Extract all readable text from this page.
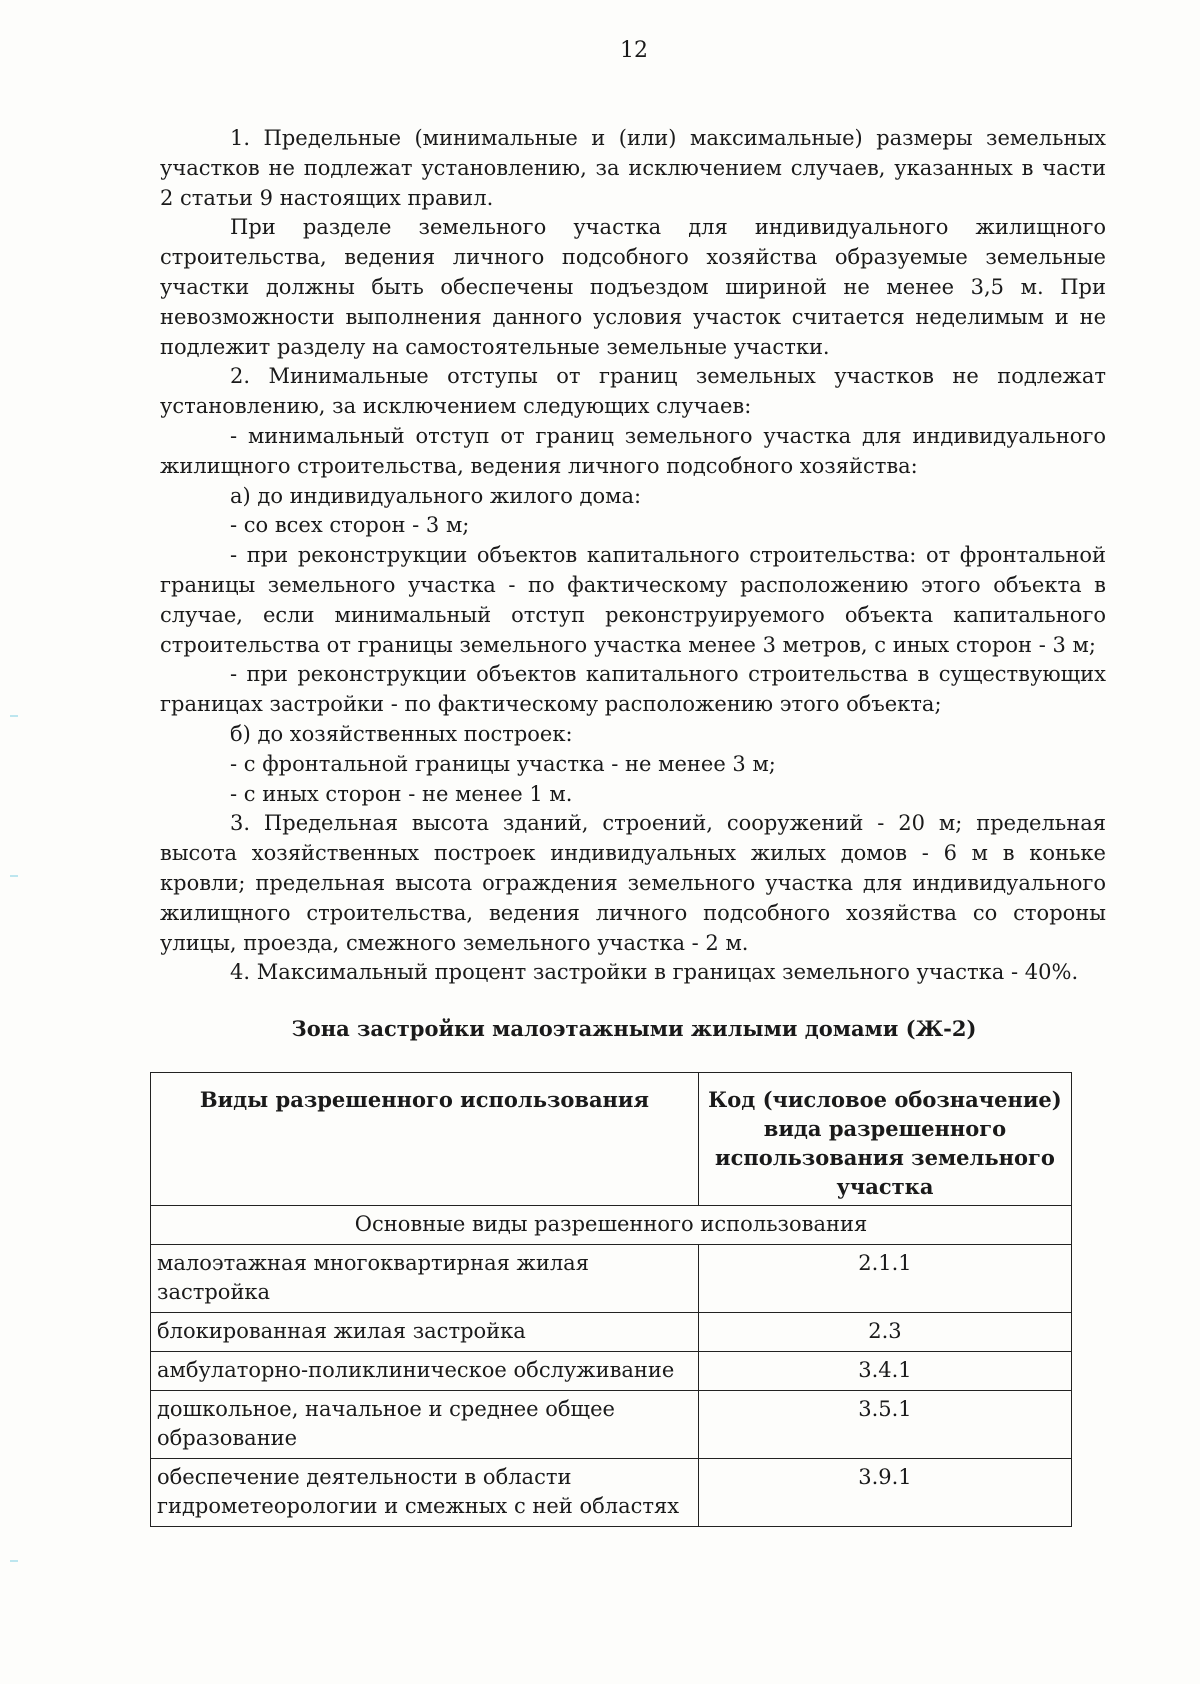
12

1. Предельные (минимальные и (или) максимальные) размеры земельных участков не подлежат установлению, за исключением случаев, указанных в части 2 статьи 9 настоящих правил.

При разделе земельного участка для индивидуального жилищного строительства, ведения личного подсобного хозяйства образуемые земельные участки должны быть обеспечены подъездом шириной не менее 3,5 м. При невозможности выполнения данного условия участок считается неделимым и не подлежит разделу на самостоятельные земельные участки.

2. Минимальные отступы от границ земельных участков не подлежат установлению, за исключением следующих случаев:

- минимальный отступ от границ земельного участка для индивидуального жилищного строительства, ведения личного подсобного хозяйства:

а) до индивидуального жилого дома:

- со всех сторон - 3 м;

- при реконструкции объектов капитального строительства: от фронтальной границы земельного участка - по фактическому расположению этого объекта в случае, если минимальный отступ реконструируемого объекта капитального строительства от границы земельного участка менее 3 метров, с иных сторон - 3 м;

- при реконструкции объектов капитального строительства в существующих границах застройки - по фактическому расположению этого объекта;

б) до хозяйственных построек:

- с фронтальной границы участка - не менее 3 м;

- с иных сторон - не менее 1 м.

3. Предельная высота зданий, строений, сооружений - 20 м; предельная высота хозяйственных построек индивидуальных жилых домов - 6 м в коньке кровли; предельная высота ограждения земельного участка для индивидуального жилищного строительства, ведения личного подсобного хозяйства со стороны улицы, проезда, смежного земельного участка - 2 м.

4. Максимальный процент застройки в границах земельного участка - 40%.

Зона застройки малоэтажными жилыми домами (Ж-2)
Виды разрешенного использования	Код (числовое обозначение) вида разрешенного использования земельного участка
Основные виды разрешенного использования	
малоэтажная многоквартирная жилая застройка	2.1.1
блокированная жилая застройка	2.3
амбулаторно-поликлиническое обслуживание	3.4.1
дошкольное, начальное и среднее общее образование	3.5.1
обеспечение деятельности в области гидрометеорологии и смежных с ней областях	3.9.1
